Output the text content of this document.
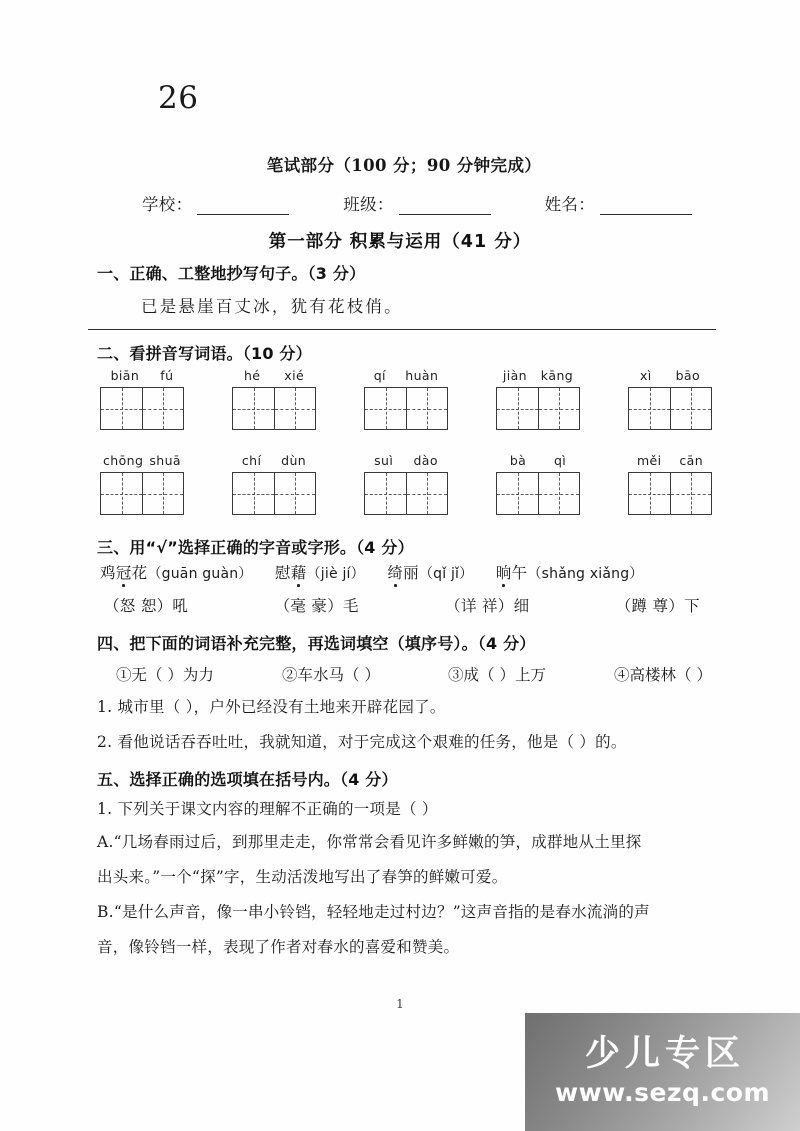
26
笔试部分（100 分；90 分钟完成）
学校：	班级：	姓名：
第一部分 积累与运用（41 分）
一、正确、工整地抄写句子。（3 分）
已是悬崖百丈冰，犹有花枝俏。
二、看拼音写词语。（10 分）
biān fú	hé xié	qí huàn	jiàn kāng	xì bāo
chōng shuā	chí dùn	suì dào	bà qì	měi cān
三、用“√”选择正确的字音或字形。（4 分）
鸡冠花（guān guàn） 慰藉（jiè jí） 绮丽（qǐ jǐ） 晌午（shǎng xiǎng）
（怒 恕）吼	（毫 豪）毛	（详 祥）细	（蹲 尊）下
四、把下面的词语补充完整，再选词填空（填序号）。（4 分）
①无（ ）为力	②车水马（ ）	③成（ ）上万	④高楼林（ ）
1. 城市里（ ），户外已经没有土地来开辟花园了。
2. 看他说话吞吞吐吐，我就知道，对于完成这个艰难的任务，他是（ ）的。
五、选择正确的选项填在括号内。（4 分）
1. 下列关于课文内容的理解不正确的一项是（ ）
A.“几场春雨过后，到那里走走，你常常会看见许多鲜嫩的笋，成群地从土里探
出头来。”一个“探”字，生动活泼地写出了春笋的鲜嫩可爱。
B.“是什么声音，像一串小铃铛，轻轻地走过村边？”这声音指的是春水流淌的声
音，像铃铛一样，表现了作者对春水的喜爱和赞美。
1
少儿专区
www.sezq.com
